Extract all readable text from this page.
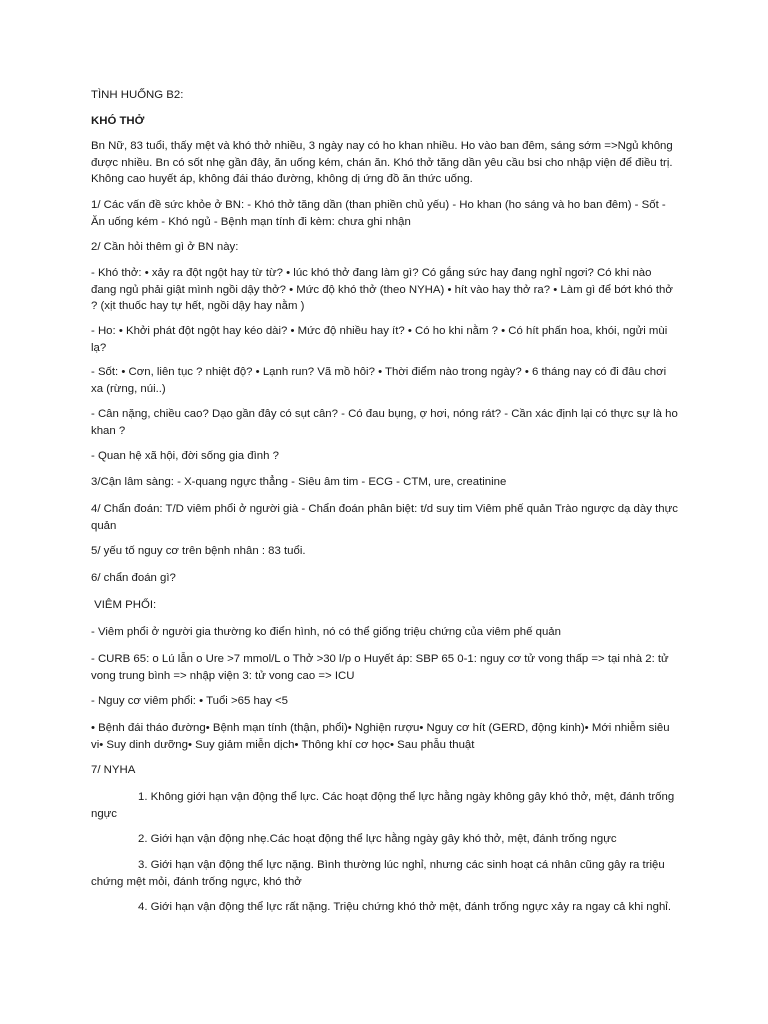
TÌNH HUỐNG B2:

KHÓ THỞ

Bn Nữ, 83 tuổi, thấy mệt và khó thở nhiều, 3 ngày nay có ho khan nhiều. Ho vào ban đêm, sáng sớm =>Ngủ không được nhiều. Bn có sốt nhẹ gần đây, ăn uống kém, chán ăn. Khó thở tăng dần yêu cầu bsi cho nhập viện để điều trị. Không cao huyết áp, không đái tháo đường, không dị ứng đồ ăn thức uống.

1/ Các vấn đề sức khỏe ở BN: - Khó thở tăng dần (than phiền chủ yếu) - Ho khan (ho sáng và ho ban đêm) - Sốt - Ăn uống kém - Khó ngủ - Bệnh mạn tính đi kèm: chưa ghi nhận

2/ Cần hỏi thêm gì ở BN này:

- Khó thở: • xảy ra đột ngột hay từ từ? • lúc khó thở đang làm gì? Có gắng sức hay đang nghỉ ngơi? Có khi nào đang ngủ phải giật mình ngồi dậy thở? • Mức độ khó thở (theo NYHA) • hít vào hay thở ra? • Làm gì để bớt khó thở ? (xịt thuốc hay tự hết, ngồi dậy hay nằm )

- Ho: • Khởi phát đột ngột hay kéo dài? • Mức độ nhiều hay ít? • Có ho khi nằm ? • Có hít phấn hoa, khói, ngửi mùi lạ?

- Sốt: • Cơn, liên tục ? nhiệt độ? • Lạnh run? Vã mồ hôi? • Thời điểm nào trong ngày? • 6 tháng nay có đi đâu chơi xa (rừng, núi..)

- Cân nặng, chiều cao? Dạo gần đây có sụt cân? - Có đau bụng, ợ hơi, nóng rát? - Cần xác định lại có thực sự là ho khan ?

- Quan hệ xã hội, đời sống gia đình ?

3/Cận lâm sàng: - X-quang ngực thẳng - Siêu âm tim - ECG - CTM, ure, creatinine

4/ Chẩn đoán: T/D viêm phổi ở người già - Chẩn đoán phân biệt: t/d suy tim Viêm phế quản Trào ngược dạ dày thực quản

5/ yếu tố nguy cơ trên bệnh nhân : 83 tuổi.

6/ chẩn đoán gì?

VIÊM PHỔI:

- Viêm phổi ở người gia thường ko điển hình, nó có thể giống triệu chứng của viêm phế quản

- CURB 65: o Lú lẫn o Ure >7 mmol/L o Thở >30 l/p o Huyết áp: SBP 65 0-1: nguy cơ tử vong thấp => tại nhà 2: tử vong trung bình => nhập viện 3: tử vong cao => ICU

- Nguy cơ viêm phổi: • Tuổi >65 hay <5

• Bệnh đái tháo đường• Bệnh mạn tính (thận, phổi)• Nghiện rượu• Nguy cơ hít (GERD, động kinh)• Mới nhiễm siêu vi• Suy dinh dưỡng• Suy giảm miễn dịch• Thông khí cơ học• Sau phẫu thuật

7/ NYHA

1. Không giới hạn vận động thể lực. Các hoạt động thể lực hằng ngày không gây khó thở, mệt, đánh trống ngực

2. Giới hạn vận động nhẹ.Các hoạt động thể lực hằng ngày gây khó thở, mệt, đánh trống ngực

3. Giới hạn vận động thể lực nặng. Bình thường lúc nghỉ, nhưng các sinh hoạt cá nhân cũng gây ra triệu chứng mệt mỏi, đánh trống ngực, khó thở

4. Giới hạn vận động thể lực rất nặng. Triệu chứng khó thở mệt, đánh trống ngực xảy ra ngay cả khi nghỉ.
